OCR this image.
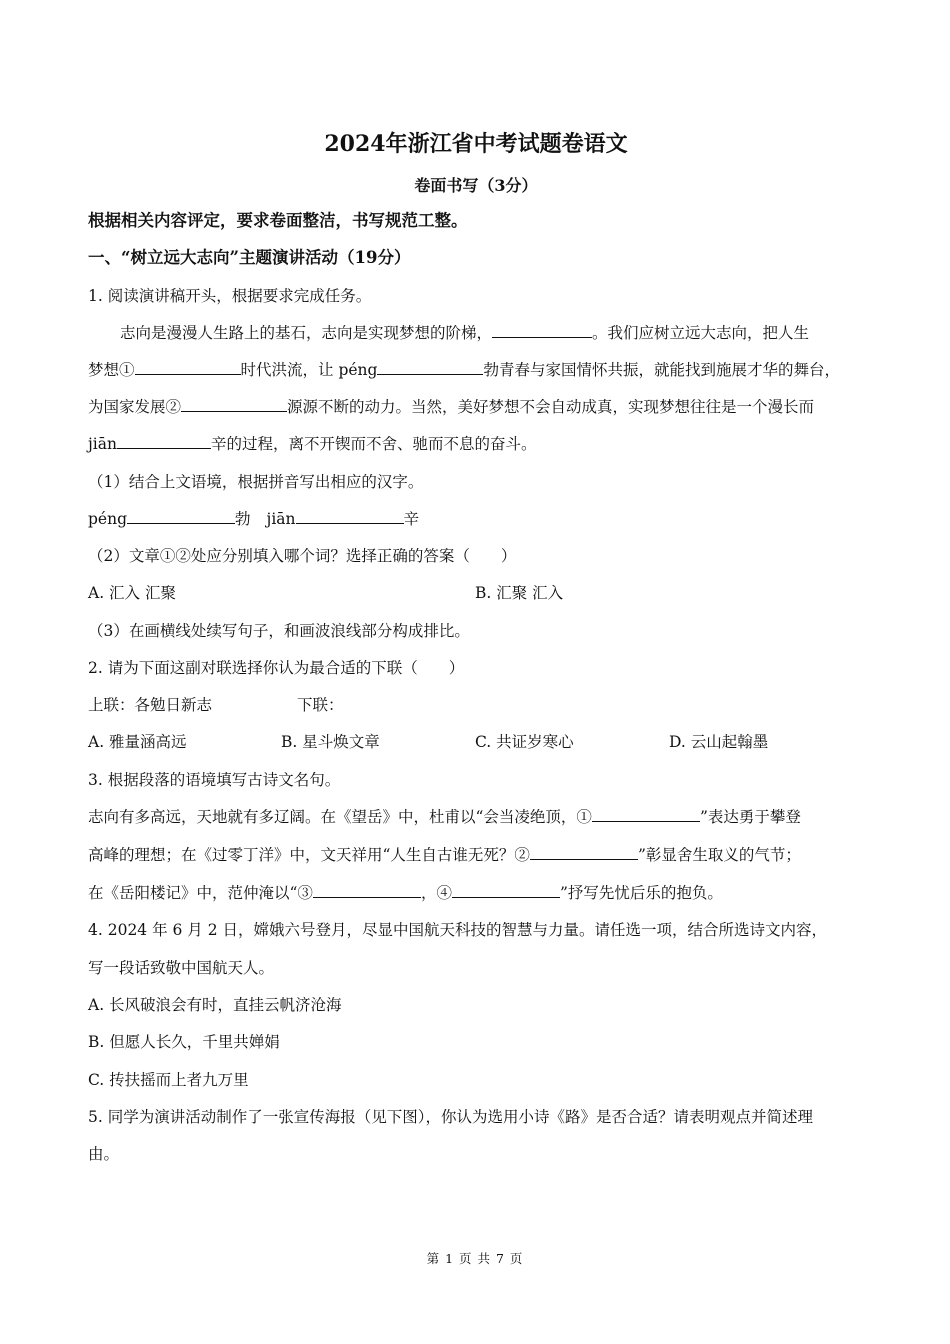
2024年浙江省中考试题卷语文
卷面书写（3分）
根据相关内容评定，要求卷面整洁，书写规范工整。
一、“树立远大志向”主题演讲活动（19分）
1. 阅读演讲稿开头，根据要求完成任务。
志向是漫漫人生路上的基石，志向是实现梦想的阶梯，	。我们应树立远大志向，把人生
梦想①	时代洪流，让 péng	勃青春与家国情怀共振，就能找到施展才华的舞台，
为国家发展②	源源不断的动力。当然，美好梦想不会自动成真，实现梦想往往是一个漫长而
jiān	辛的过程，离不开锲而不舍、驰而不息的奋斗。
（1）结合上文语境，根据拼音写出相应的汉字。
péng	勃 jiān	辛
（2）文章①②处应分别填入哪个词？选择正确的答案（　　）
A. 汇入 汇聚	B. 汇聚 汇入
（3）在画横线处续写句子，和画波浪线部分构成排比。
2. 请为下面这副对联选择你认为最合适的下联（　　）
上联：各勉日新志	下联：
A. 雅量涵高远	B. 星斗焕文章	C. 共证岁寒心	D. 云山起翰墨
3. 根据段落的语境填写古诗文名句。
志向有多高远，天地就有多辽阔。在《望岳》中，杜甫以“会当凌绝顶，①	”表达勇于攀登
高峰的理想；在《过零丁洋》中，文天祥用“人生自古谁无死？②	”彰显舍生取义的气节；
在《岳阳楼记》中，范仲淹以“③	，④	”抒写先忧后乐的抱负。
4. 2024 年 6 月 2 日，嫦娥六号登月，尽显中国航天科技的智慧与力量。请任选一项，结合所选诗文内容，
写一段话致敬中国航天人。
A. 长风破浪会有时，直挂云帆济沧海
B. 但愿人长久，千里共婵娟
C. 抟扶摇而上者九万里
5. 同学为演讲活动制作了一张宣传海报（见下图），你认为选用小诗《路》是否合适？请表明观点并简述理
由。
第 1 页 共 7 页
